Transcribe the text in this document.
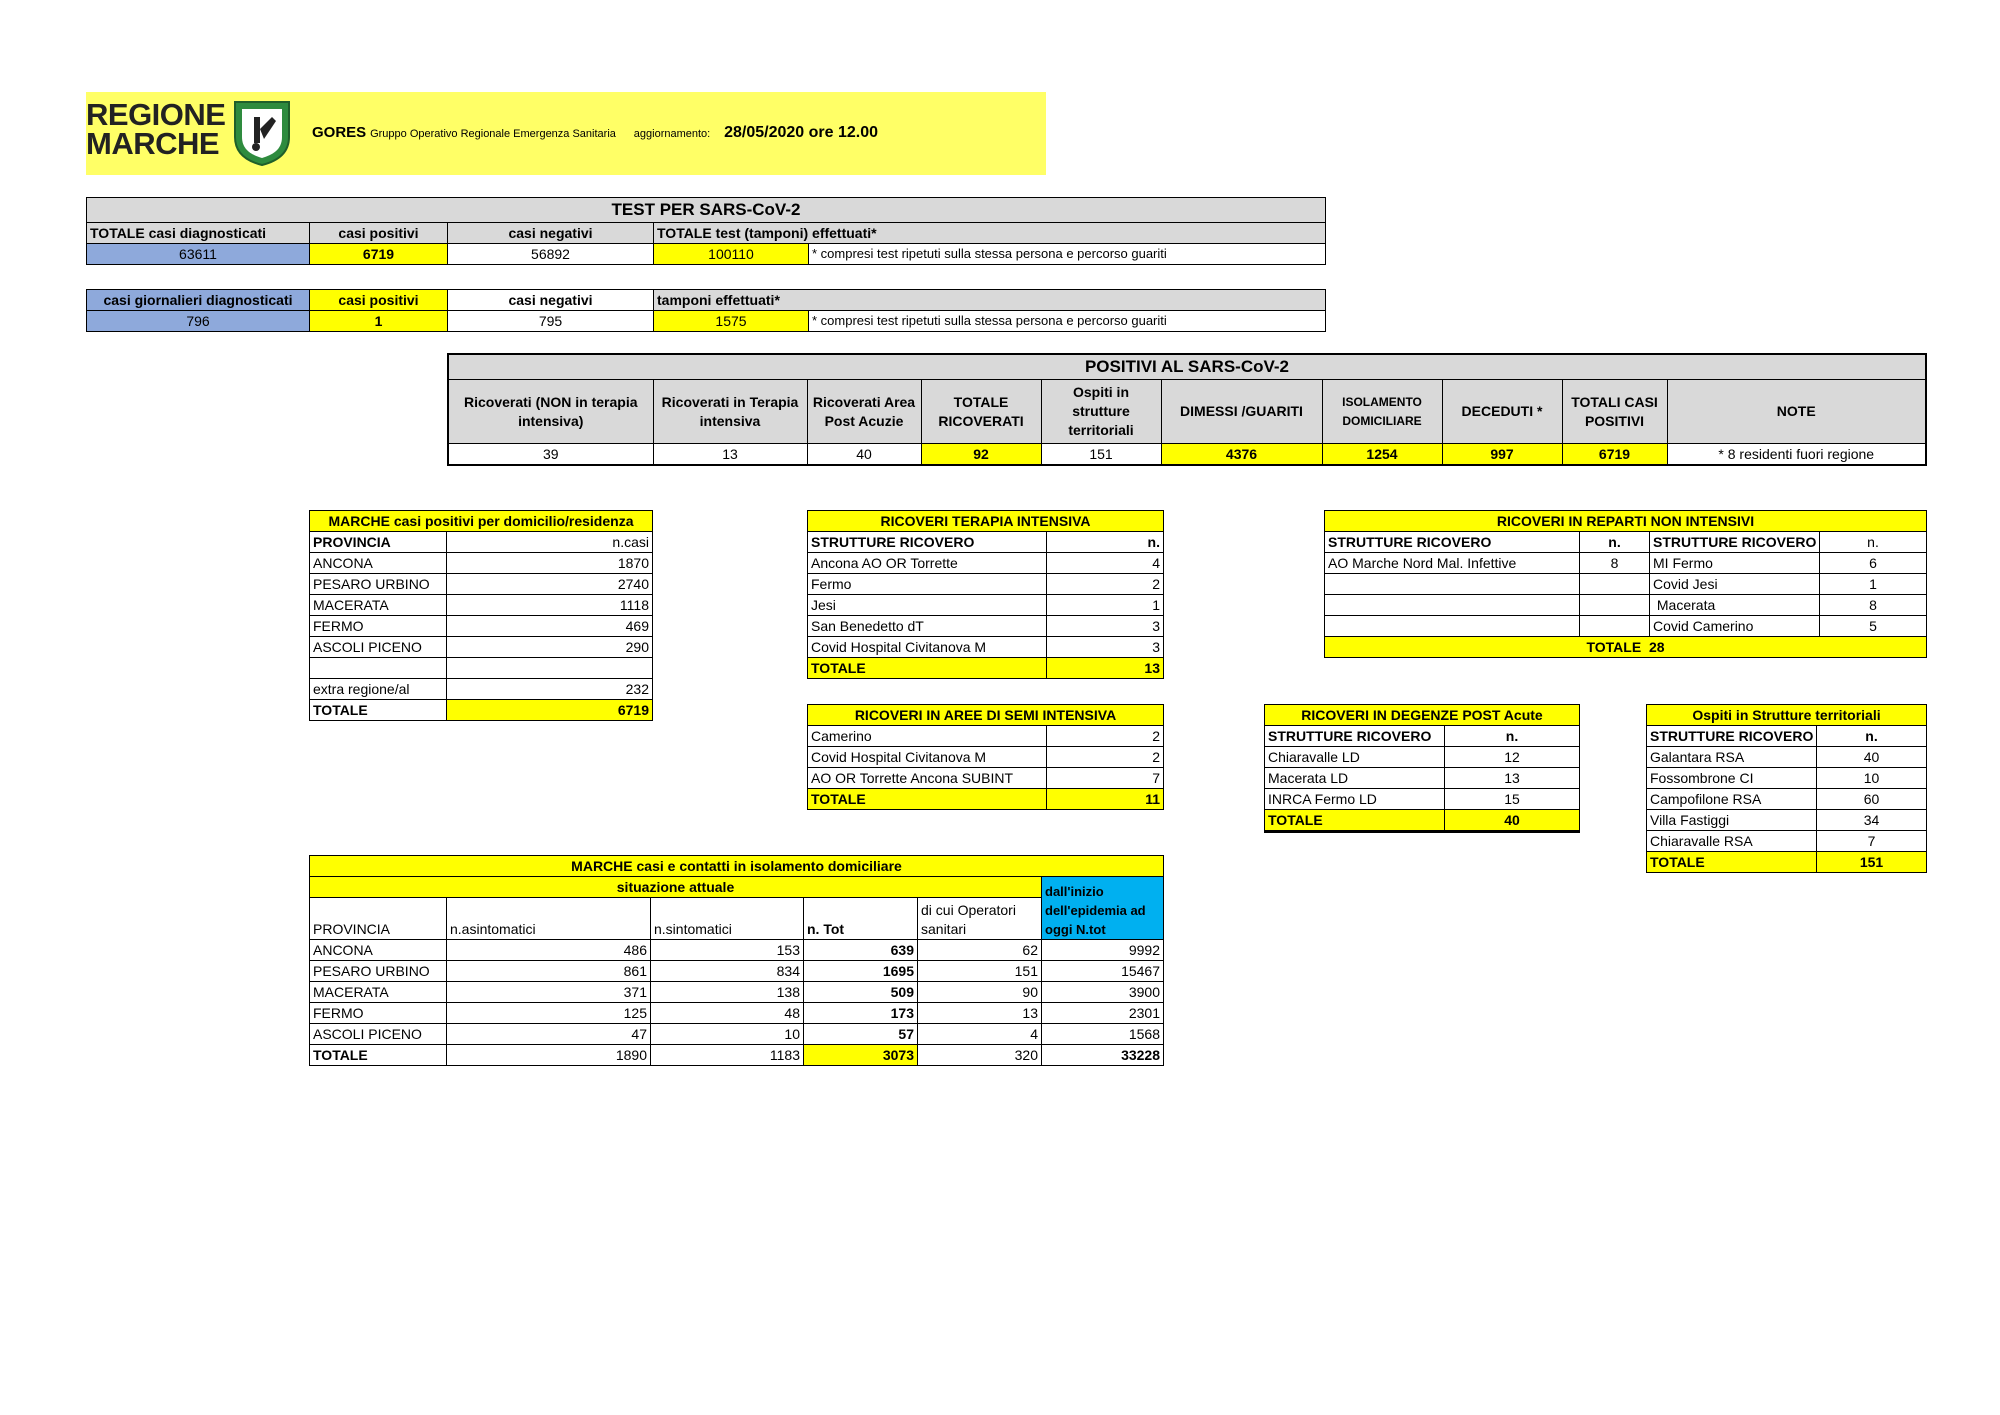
REGIONE
MARCHE	GORES Gruppo Operativo Regionale Emergenza Sanitaria aggiornamento: 28/05/2020 ore 12.00
TEST PER SARS-CoV-2				
TOTALE casi diagnosticati	casi positivi	casi negativi	TOTALE test (tamponi) effettuati*	
63611	6719	56892	100110	* compresi test ripetuti sulla stessa persona e percorso guariti
casi giornalieri diagnosticati	casi positivi	casi negativi	tamponi effettuati*	
796	1	795	1575	* compresi test ripetuti sulla stessa persona e percorso guariti
POSITIVI AL SARS-CoV-2									
Ricoverati (NON in terapia intensiva)	Ricoverati in Terapia intensiva	Ricoverati Area Post Acuzie	TOTALE RICOVERATI	Ospiti in strutture territoriali	DIMESSI /GUARITI	ISOLAMENTO DOMICILIARE	DECEDUTI *	TOTALI CASI POSITIVI	NOTE
39	13	40	92	151	4376	1254	997	6719	* 8 residenti fuori regione
MARCHE casi positivi per domicilio/residenza	
PROVINCIA	n.casi
ANCONA	1870
PESARO URBINO	2740
MACERATA	1118
FERMO	469
ASCOLI PICENO	290

extra regione/al	232
TOTALE	6719
RICOVERI TERAPIA INTENSIVA	
STRUTTURE RICOVERO	n.
Ancona AO OR Torrette	4
Fermo	2
Jesi	1
San Benedetto dT	3
Covid Hospital Civitanova M	3
TOTALE	13
RICOVERI IN REPARTI NON INTENSIVI			
STRUTTURE RICOVERO	n.	STRUTTURE RICOVERO	n.
AO Marche Nord Mal. Infettive	8	MI Fermo	6
		Covid Jesi	1
		Macerata	8
		Covid Camerino	5
TOTALE 28			
RICOVERI IN AREE DI SEMI INTENSIVA	
Camerino	2
Covid Hospital Civitanova M	2
AO OR Torrette Ancona SUBINT	7
TOTALE	11
RICOVERI IN DEGENZE POST Acute	
STRUTTURE RICOVERO	n.
Chiaravalle LD	12
Macerata LD	13
INRCA Fermo LD	15
TOTALE	40
Ospiti in Strutture territoriali	
STRUTTURE RICOVERO	n.
Galantara RSA	40
Fossombrone CI	10
Campofilone RSA	60
Villa Fastiggi	34
Chiaravalle RSA	7
TOTALE	151
MARCHE casi e contatti in isolamento domiciliare					
situazione attuale					dall'inizio dell'epidemia ad oggi N.tot
PROVINCIA	n.asintomatici	n.sintomatici	n. Tot	di cui Operatori sanitari	
ANCONA	486	153	639	62	9992
PESARO URBINO	861	834	1695	151	15467
MACERATA	371	138	509	90	3900
FERMO	125	48	173	13	2301
ASCOLI PICENO	47	10	57	4	1568
TOTALE	1890	1183	3073	320	33228
